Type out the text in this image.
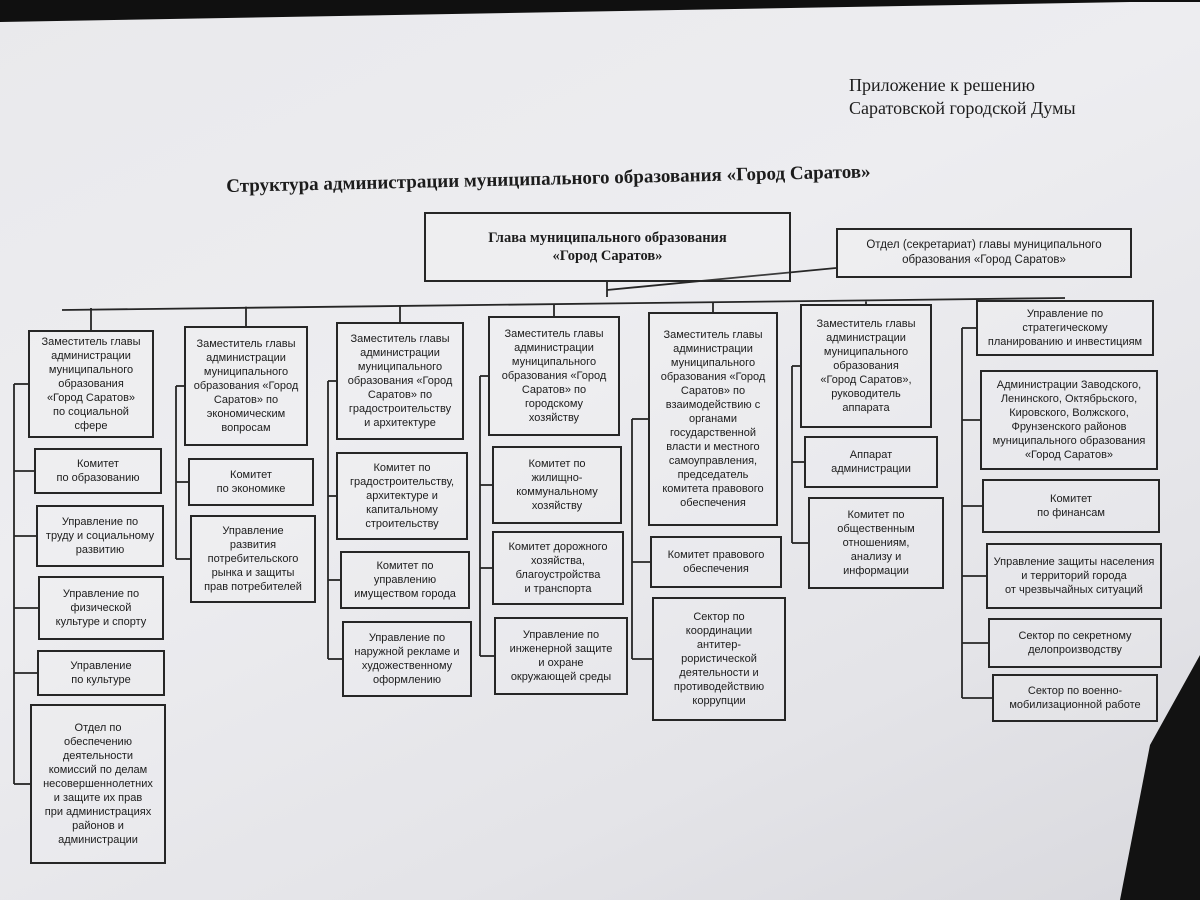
Приложение к решению
Саратовской городской Думы
Структура администрации муниципального образования «Город Саратов»
Глава муниципального образования
«Город Саратов»
Отдел (секретариат) главы муниципального
образования «Город Саратов»
Заместитель главы
администрации
муниципального
образования
«Город Саратов»
по социальной
сфере
Комитет
по образованию
Управление по
труду и социальному
развитию
Управление по
физической
культуре и спорту
Управление
по культуре
Отдел по
обеспечению
деятельности
комиссий по делам
несовершеннолетних
и защите их прав
при администрациях
районов и
администрации
Заместитель главы
администрации
муниципального
образования «Город
Саратов» по
экономическим
вопросам
Комитет
по экономике
Управление
развития
потребительского
рынка и защиты
прав потребителей
Заместитель главы
администрации
муниципального
образования «Город
Саратов» по
градостроительству
и архитектуре
Комитет по
градостроительству,
архитектуре и
капитальному
строительству
Комитет по
управлению
имуществом города
Управление по
наружной рекламе и
художественному
оформлению
Заместитель главы
администрации
муниципального
образования «Город
Саратов» по
городскому
хозяйству
Комитет по
жилищно-
коммунальному
хозяйству
Комитет дорожного
хозяйства,
благоустройства
и транспорта
Управление по
инженерной защите
и охране
окружающей среды
Заместитель главы
администрации
муниципального
образования «Город
Саратов» по
взаимодействию с
органами
государственной
власти и местного
самоуправления,
председатель
комитета правового
обеспечения
Комитет правового
обеспечения
Сектор по
координации
антитер-
рористической
деятельности и
противодействию
коррупции
Заместитель главы
администрации
муниципального
образования
«Город Саратов»,
руководитель
аппарата
Аппарат
администрации
Комитет по
общественным
отношениям,
анализу и
информации
Управление по
стратегическому
планированию и инвестициям
Администрации Заводского,
Ленинского, Октябрьского,
Кировского, Волжского,
Фрунзенского районов
муниципального образования
«Город Саратов»
Комитет
по финансам
Управление защиты населения
и территорий города
от чрезвычайных ситуаций
Сектор по секретному
делопроизводству
Сектор по военно-
мобилизационной работе
